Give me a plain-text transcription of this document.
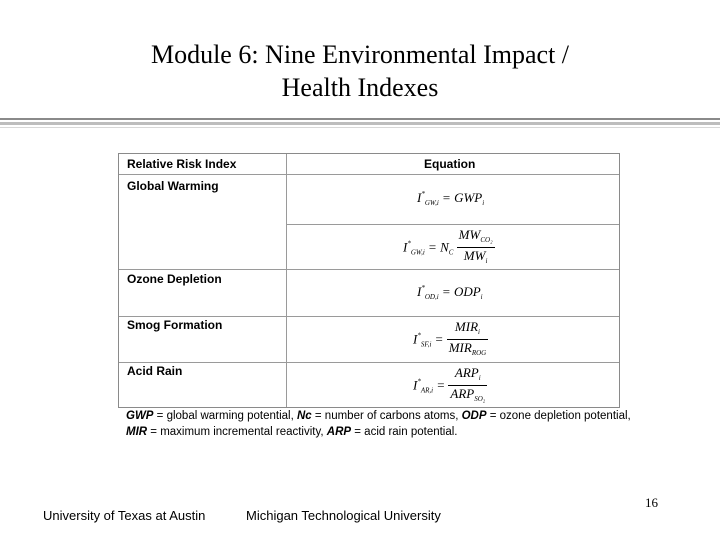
Module 6: Nine Environmental Impact /
Health Indexes
Relative Risk Index	Equation
Global Warming
Ozone Depletion
Smog Formation
Acid Rain
$I^*_{GW,i} = GWP_i$
$I^*_{GW,i} = N_C \frac{MW_{CO_2}}{MW_i}$
$I^*_{OD,i} = ODP_i$
$I^*_{SF,i} = \frac{MIR_i}{MIR_{ROG}}$
$I^*_{AR,i} = \frac{ARP_i}{ARP_{SO_2}}$
GWP = global warming potential, Nc = number of carbons atoms, ODP = ozone depletion potential, MIR = maximum incremental reactivity, ARP = acid rain potential.
University of Texas at Austin	Michigan Technological University
16
